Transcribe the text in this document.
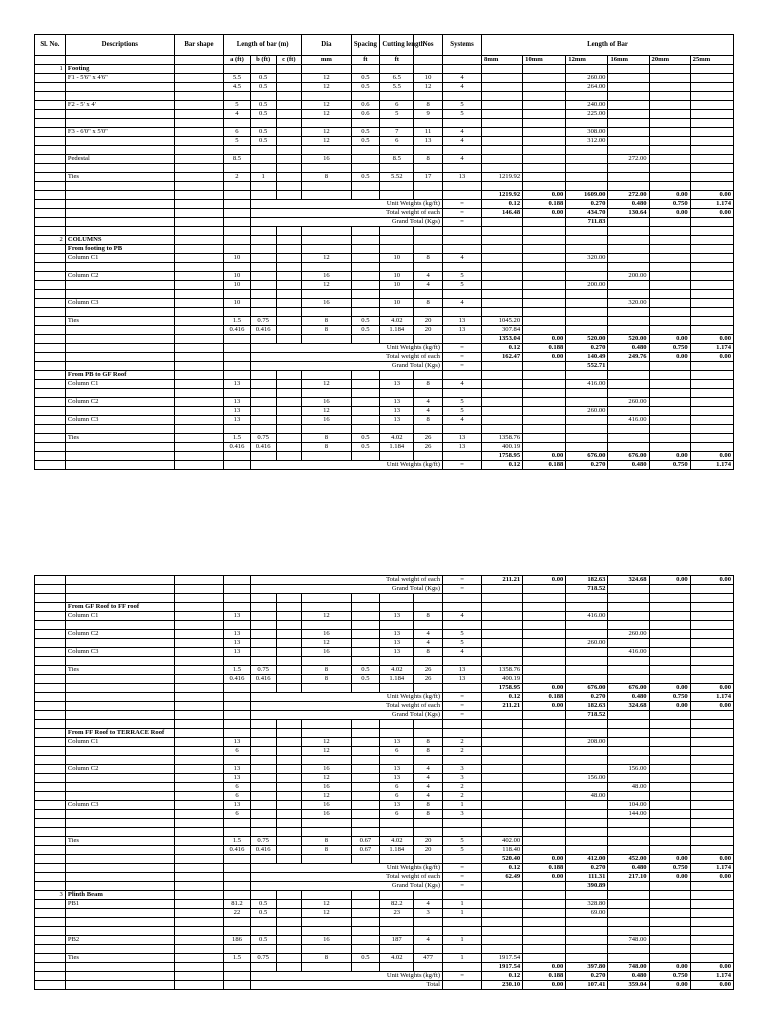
Sl. No.	Descriptions	Bar shape	Length of bar (m)			Dia	Spacing	Cutting length	Nos	Systems	Length of Bar					
			a (ft)	b (ft)	c (ft)	mm	ft	ft			8mm	10mm	12mm	16mm	20mm	25mm
1	Footing															
	F1 - 5'6" x 4'6"		5.5	0.5		12	0.5	6.5	10	4			260.00			
			4.5	0.5		12	0.5	5.5	12	4			264.00			

	F2 - 5' x 4'		5	0.5		12	0.6	6	8	5			240.00			
			4	0.5		12	0.6	5	9	5			225.00			

	F3 - 6'0" x 5'0"		6	0.5		12	0.5	7	11	4			308.00			
			5	0.5		12	0.5	6	13	4			312.00			

	Pedestal		8.5			16		8.5	8	4				272.00		

	Ties		2	1		8	0.5	5.52	17	13	1219.92					

											1219.92	0.00	1609.00	272.00	0.00	0.00
				Unit Weights (kg/ft)						=	0.12	0.188	0.270	0.480	0.750	1.174
				Total weight of each						=	146.48	0.00	434.70	130.64	0.00	0.00
				Grand Total (Kgs)						=			711.83			

2	COLUMNS															
	From footing to PB															
	Column C1		10			12		10	8	4			320.00			

	Column C2		10			16		10	4	5				200.00		
			10			12		10	4	5			200.00			

	Column C3		10			16		10	8	4				320.00		

	Ties		1.5	0.75		8	0.5	4.02	20	13	1045.20					
			0.416	0.416		8	0.5	1.184	20	13	307.84					
											1353.04	0.00	520.00	520.00	0.00	0.00
				Unit Weights (kg/ft)						=	0.12	0.188	0.270	0.480	0.750	1.174
				Total weight of each						=	162.47	0.00	140.49	249.76	0.00	0.00
				Grand Total (Kgs)						=			552.71			
	From PB to GF Roof															
	Column C1		13			12		13	8	4			416.00			

	Column C2		13			16		13	4	5				260.00		
			13			12		13	4	5			260.00			
	Column C3		13			16		13	8	4				416.00		

	Ties		1.5	0.75		8	0.5	4.02	26	13	1358.76					
			0.416	0.416		8	0.5	1.184	26	13	400.19					
											1758.95	0.00	676.00	676.00	0.00	0.00
				Unit Weights (kg/ft)						=	0.12	0.188	0.270	0.480	0.750	1.174
				Total weight of each						=	211.21	0.00	182.63	324.68	0.00	0.00
				Grand Total (Kgs)						=			718.52			

	From GF Roof to FF roof															
	Column C1		13			12		13	8	4			416.00			

	Column C2		13			16		13	4	5				260.00		
			13			12		13	4	5			260.00			
	Column C3		13			16		13	8	4				416.00		

	Ties		1.5	0.75		8	0.5	4.02	26	13	1358.76					
			0.416	0.416		8	0.5	1.184	26	13	400.19					
											1758.95	0.00	676.00	676.00	0.00	0.00
				Unit Weights (kg/ft)						=	0.12	0.188	0.270	0.480	0.750	1.174
				Total weight of each						=	211.21	0.00	182.63	324.68	0.00	0.00
				Grand Total (Kgs)						=			718.52			

	From FF Roof to TERRACE Roof															
	Column C1		13			12		13	8	2			208.00			
			6			12		6	8	2						

	Column C2		13			16		13	4	3				156.00		
			13			12		13	4	3			156.00			
			6			16		6	4	2				48.00		
			6			12		6	4	2			48.00			
	Column C3		13			16		13	8	1				104.00		
			6			16		6	8	3				144.00		

	Ties		1.5	0.75		8	0.67	4.02	20	5	402.00					
			0.416	0.416		8	0.67	1.184	20	5	118.40					
											520.40	0.00	412.00	452.00	0.00	0.00
				Unit Weights (kg/ft)						=	0.12	0.188	0.270	0.480	0.750	1.174
				Total weight of each						=	62.49	0.00	111.31	217.10	0.00	0.00
				Grand Total (Kgs)						=			390.89			
3	Plinth Beam															
	PB1		81.2	0.5		12		82.2	4	1			328.80			
			22	0.5		12		23	3	1			69.00			

	PB2		186	0.5		16		187	4	1				748.00		

	Ties		1.5	0.75		8	0.5	4.02	477	1	1917.54					
											1917.54	0.00	397.80	748.00	0.00	0.00
				Unit Weights (kg/ft)						=	0.12	0.188	0.270	0.480	0.750	1.174
				Total							230.10	0.00	107.41	359.04	0.00	0.00
